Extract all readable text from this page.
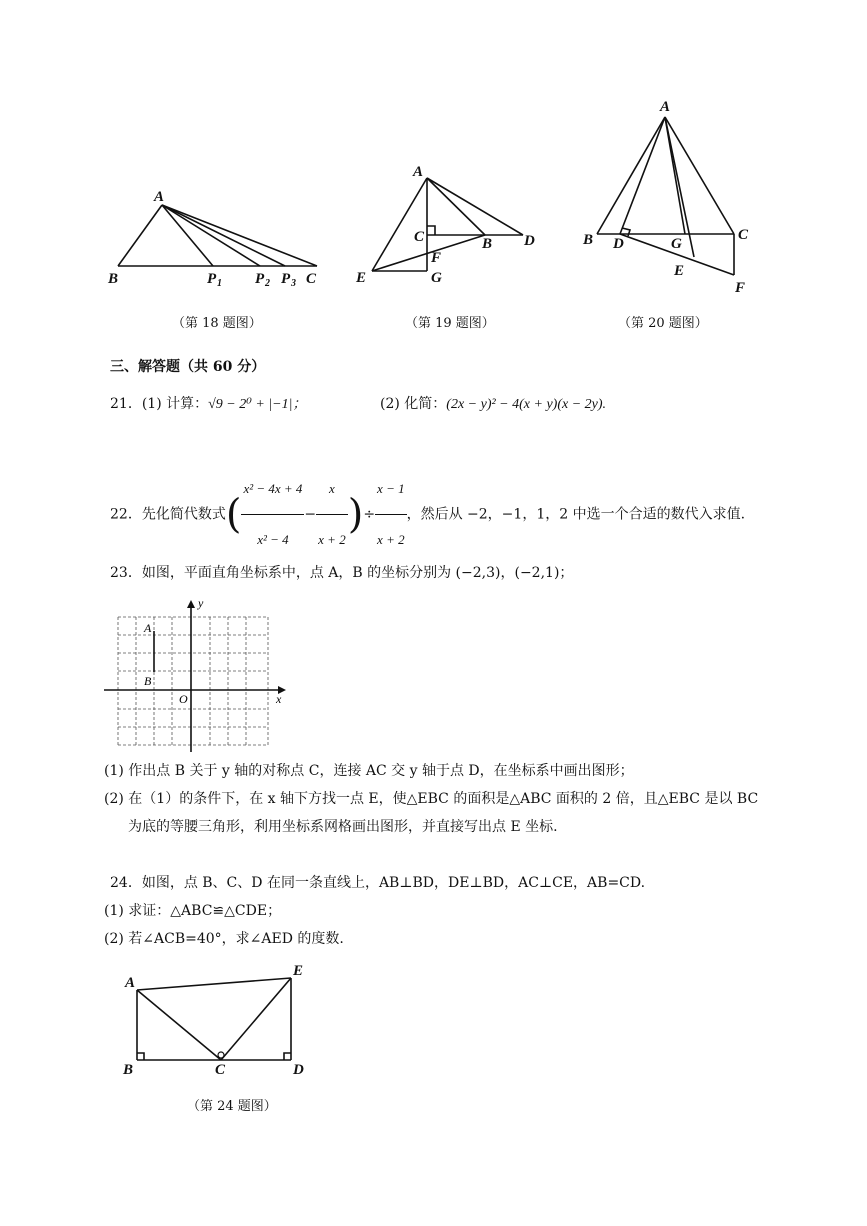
A
B	P 1 P 2 P 3 C
（第 18 题图）
A
C	B D
F
E	G
（第 19 题图）
A
B D	G
C
E
F
（第 20 题图）
三、解答题（共 60 分）
21．(1) 计算：√9 − 2⁰ + |−1|；	(2) 化简：(2x − y)² − 4(x + y)(x − 2y).
22．先化简代数式( $\frac{\text{x² − 4x + 4}}{\text{x² − 4}} - \frac{x}{x + 2}$ )÷ $\frac{x - 1}{x + 2}$ ，然后从 −2，−1，1，2 中选一个合适的数代入求值.
23．如图，平面直角坐标系中，点 A，B 的坐标分别为 (−2,3)，(−2,1)；
y
x
O
A
B
(1) 作出点 B 关于 y 轴的对称点 C，连接 AC 交 y 轴于点 D，在坐标系中画出图形；
(2) 在（1）的条件下，在 x 轴下方找一点 E，使△EBC 的面积是△ABC 面积的 2 倍，且△EBC 是以 BC
为底的等腰三角形，利用坐标系网格画出图形，并直接写出点 E 坐标.
24．如图，点 B、C、D 在同一条直线上，AB⊥BD，DE⊥BD，AC⊥CE，AB=CD.
(1) 求证：△ABC≌△CDE；
(2) 若∠ACB=40°，求∠AED 的度数.
A
E
B	C	D
（第 24 题图）
